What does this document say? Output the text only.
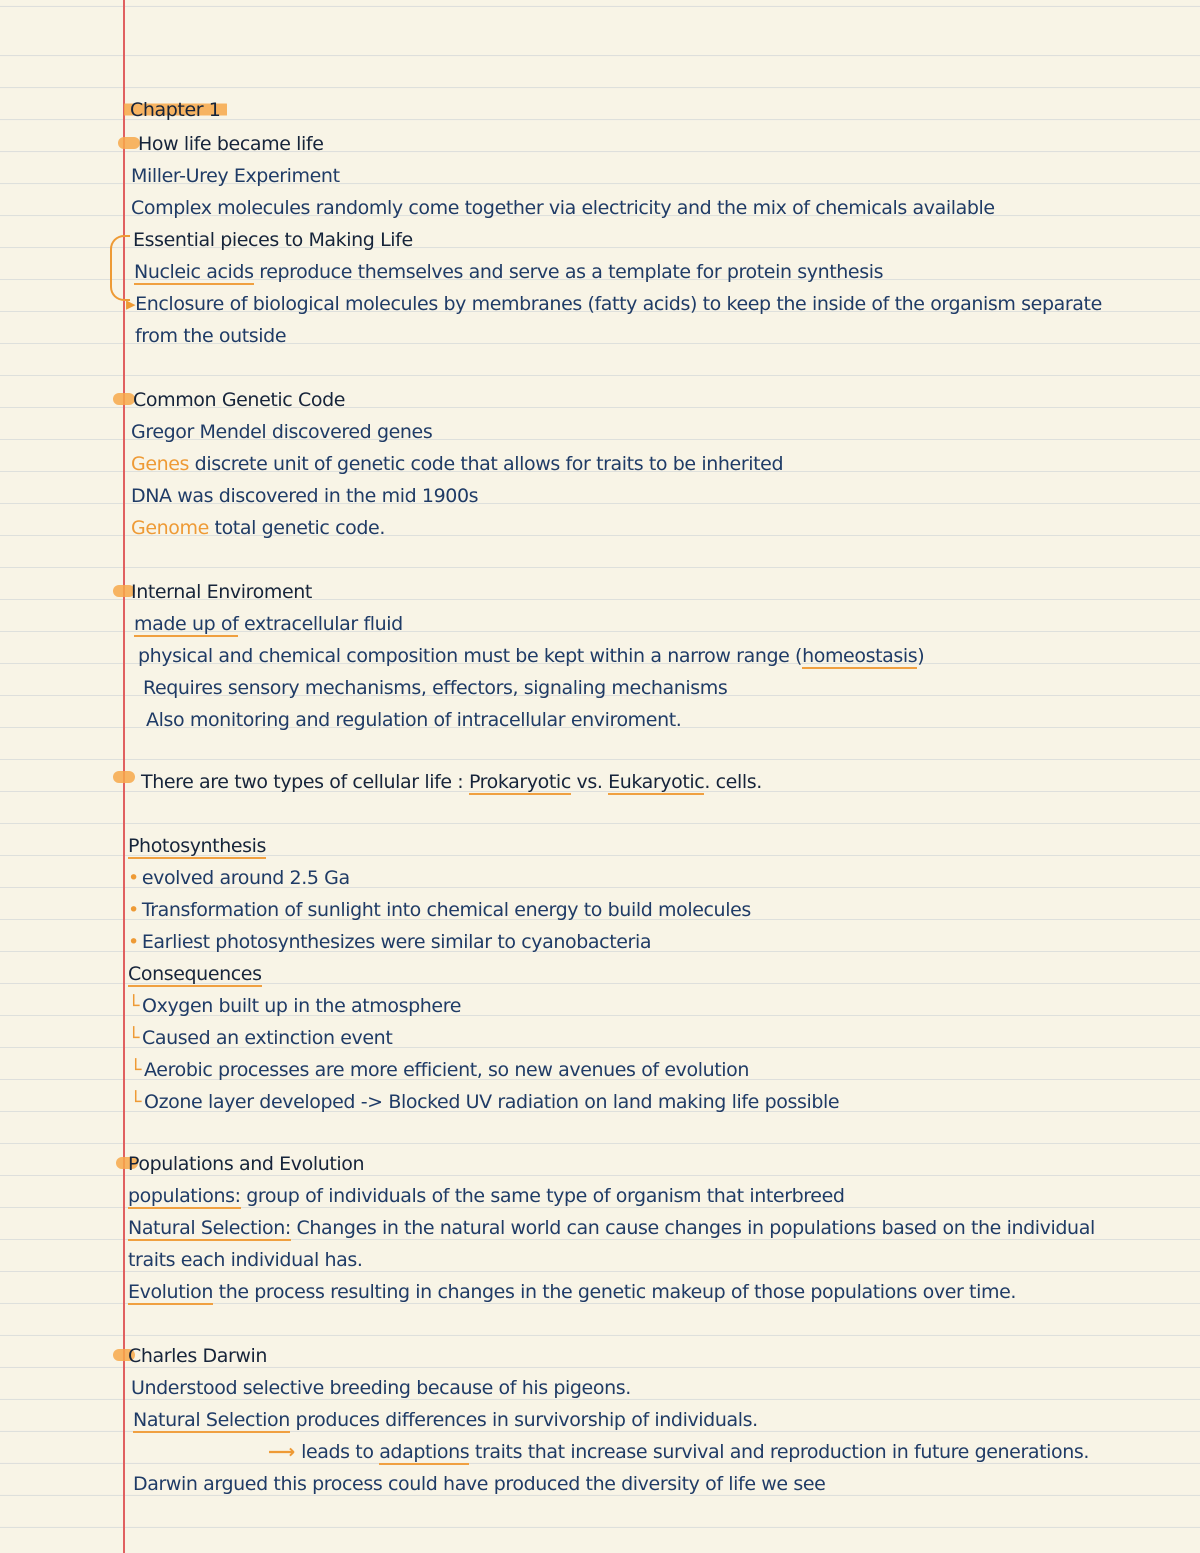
Chapter 1
How life became life
Miller-Urey Experiment
Complex molecules randomly come together via electricity and the mix of chemicals available
Essential pieces to Making Life
Nucleic acids reproduce themselves and serve as a template for protein synthesis
▸Enclosure of biological molecules by membranes (fatty acids) to keep the inside of the organism separate
from the outside
Common Genetic Code
Gregor Mendel discovered genes
Genes discrete unit of genetic code that allows for traits to be inherited
DNA was discovered in the mid 1900s
Genome total genetic code.
Internal Enviroment
made up of extracellular fluid
physical and chemical composition must be kept within a narrow range (homeostasis)
Requires sensory mechanisms, effectors, signaling mechanisms
Also monitoring and regulation of intracellular enviroment.
There are two types of cellular life : Prokaryotic vs. Eukaryotic. cells.
Photosynthesis
• evolved around 2.5 Ga
• Transformation of sunlight into chemical energy to build molecules
• Earliest photosynthesizes were similar to cyanobacteria
Consequences
└ Oxygen built up in the atmosphere
└ Caused an extinction event
└ Aerobic processes are more efficient, so new avenues of evolution
└ Ozone layer developed -> Blocked UV radiation on land making life possible
Populations and Evolution
populations: group of individuals of the same type of organism that interbreed
Natural Selection: Changes in the natural world can cause changes in populations based on the individual
traits each individual has.
Evolution the process resulting in changes in the genetic makeup of those populations over time.
Charles Darwin
Understood selective breeding because of his pigeons.
Natural Selection produces differences in survivorship of individuals.
⟶ leads to adaptions traits that increase survival and reproduction in future generations.
Darwin argued this process could have produced the diversity of life we see
